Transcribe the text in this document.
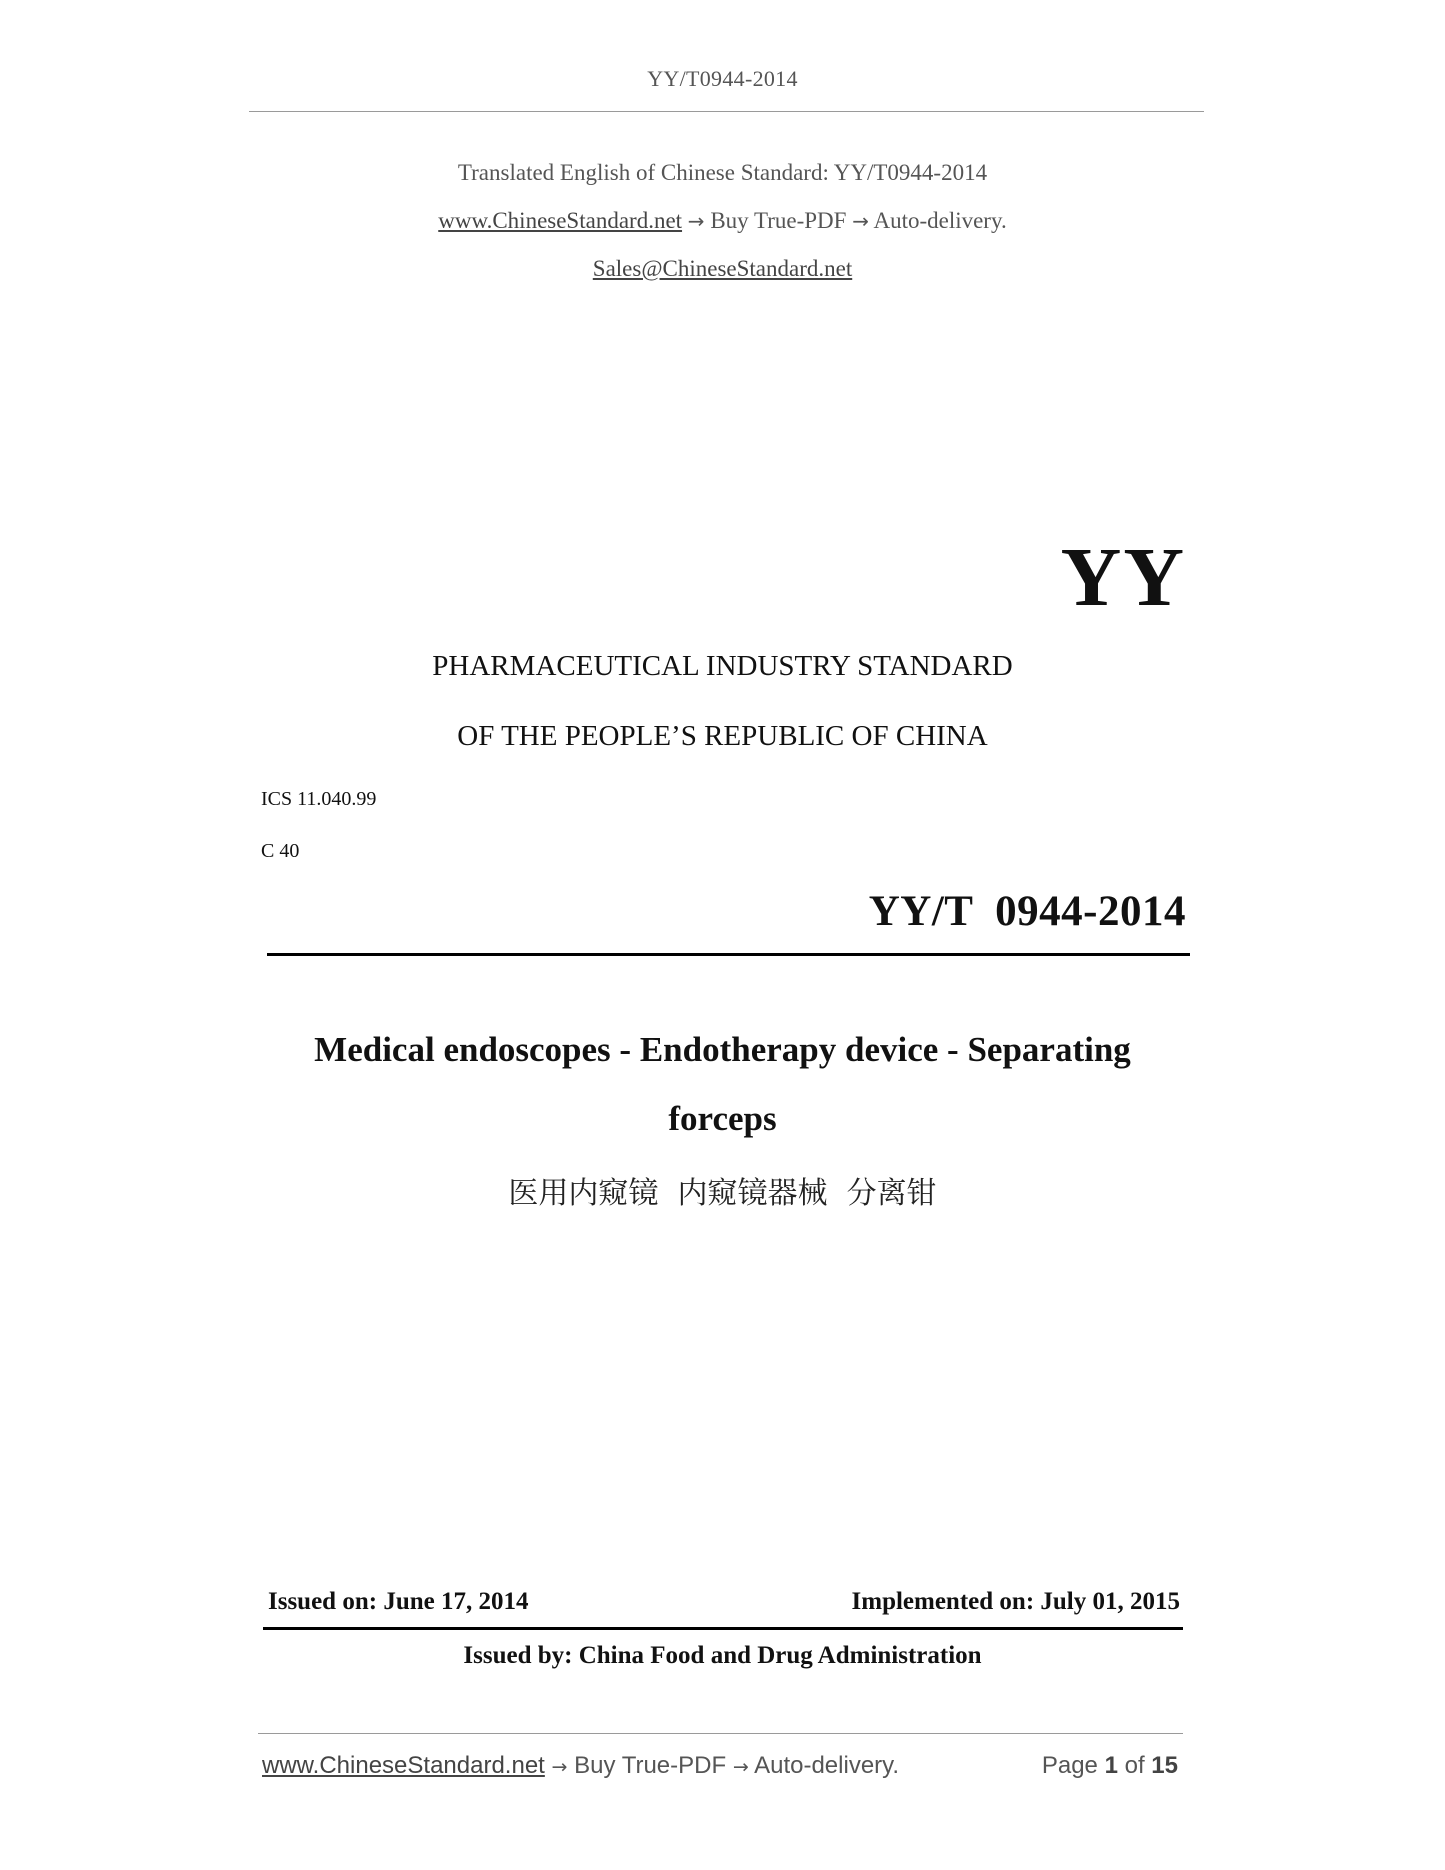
YY/T0944-2014
Translated English of Chinese Standard: YY/T0944-2014
www.ChineseStandard.net → Buy True-PDF → Auto-delivery.
Sales@ChineseStandard.net
YY
PHARMACEUTICAL INDUSTRY STANDARD
OF THE PEOPLE’S REPUBLIC OF CHINA
ICS 11.040.99
C 40
YY/T  0944-2014
Medical endoscopes - Endotherapy device - Separating
forceps
医用内窥镜  内窥镜器械  分离钳
Issued on: June 17, 2014	Implemented on: July 01, 2015
Issued by: China Food and Drug Administration
www.ChineseStandard.net → Buy True-PDF → Auto-delivery.	Page 1 of 15
